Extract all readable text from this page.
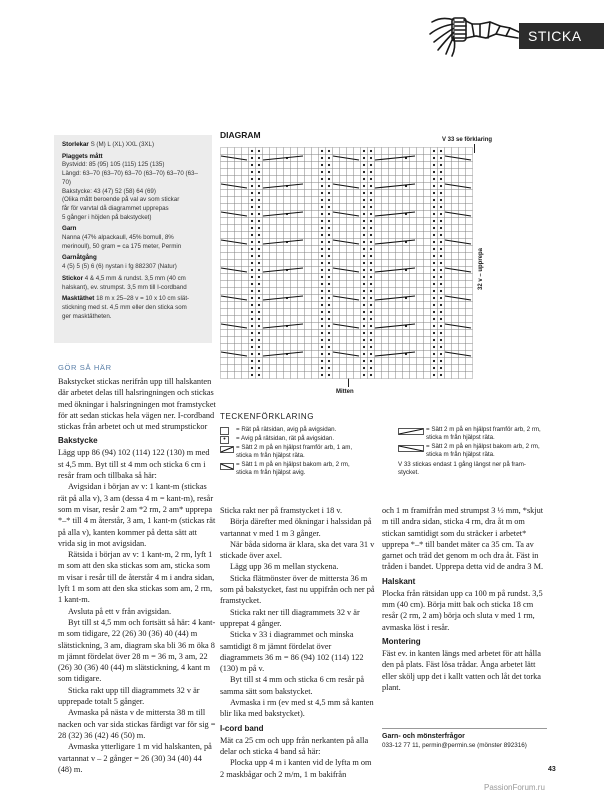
STICKA

Storlekar S (M) L (XL) XXL (3XL)

Plaggets mått

Bystvidd: 85 (95) 105 (115) 125 (135)

Längd: 63–70 (63–70) 63–70 (63–70) 63–70 (63–70)

Bakstycke: 43 (47) 52 (58) 64 (69)

(Olika mått beroende på val av som stickar

får för varvtal då diagrammet upprepas

5 gånger i höjden på bakstycket)

Garn

Nanna (47% alpackaull, 45% bomull, 8%

merinoull), 50 gram = ca 175 meter, Permin

Garnåtgång

4 (5) 5 (5) 6 (6) nystan i fg 882307 (Natur)

Stickor 4 & 4,5 mm & rundst. 3,5 mm (40 cm

halskant), ev. strumpst. 3,5 mm till I-cordband

Masktäthet 18 m x 25–28 v = 10 x 10 cm slät-

stickning med st. 4,5 mm eller den sticka som

ger masktätheten.

GÖR SÅ HÄR

Bakstycket stickas nerifrån upp till halskanten där arbetet delas till halsringningen och stickas med ökningar i halsringningen mot framstycket för att sedan stickas hela vägen ner. I-cordband stickas från arbetet och ut med strumpstickor

Bakstycke

Lägg upp 86 (94) 102 (114) 122 (130) m med st 4,5 mm. Byt till st 4 mm och sticka 6 cm i resår fram och tillbaka så här:

Avigsidan i början av v: 1 kant-m (stickas rät på alla v), 3 am (dessa 4 m = kant-m), resår som m visar, resår 2 am *2 rm, 2 am* upprepa *–* till 4 m återstår, 3 am, 1 kant-m (stickas rät på alla v), kanten kommer på detta sätt att vrida sig in mot avigsidan.

Rätsida i början av v: 1 kant-m, 2 rm, lyft 1 m som att den ska stickas som am, sticka som m visar i resår till de återstår 4 m i andra sidan, lyft 1 m som att den ska stickas som am, 2 rm, 1 kant-m.

Avsluta på ett v från avigsidan.

Byt till st 4,5 mm och fortsätt så här: 4 kant-m som tidigare, 22 (26) 30 (36) 40 (44) m slätstickning, 3 am, diagram ska bli 36 m öka 8 m jämnt fördelat över 28 m = 36 m, 3 am, 22 (26) 30 (36) 40 (44) m slätstickning, 4 kant m som tidigare.

Sticka rakt upp till diagrammets 32 v är upprepade totalt 5 gånger.

Avmaska på nästa v de mittersta 38 m till nacken och var sida stickas färdigt var för sig = 28 (32) 36 (42) 46 (50) m.

Avmaska ytterligare 1 m vid halskanten, på vartannat v – 2 gånger = 26 (30) 34 (40) 44 (48) m.

DIAGRAM	V 33 se förklaring
32 v – upprepa
Mitten
TECKENFÖRKLARING
= Rät på rätsidan, avig på avigsidan.
•	= Avig på rätsidan, rät på avigsidan.
= Sätt 2 m på en hjälpst framför arb, 1 am,
sticka m från hjälpst räta.
= Sätt 1 m på en hjälpst bakom arb, 2 rm,
sticka m från hjälpst avig.
= Sätt 2 m på en hjälpst framför arb, 2 rm,
sticka m från hjälpst räta.
= Sätt 2 m på en hjälpst bakom arb, 2 rm,
sticka m från hjälpst räta.
V 33 stickas endast 1 gång längst ner på fram-
stycket.

Sticka rakt ner på framstycket i 18 v.

Börja därefter med ökningar i halssidan på vartannat v med 1 m 3 gånger.

När båda sidorna är klara, ska det vara 31 v stickade över axel.

Lägg upp 36 m mellan styckena.

Sticka flätmönster över de mittersta 36 m som på bakstycket, fast nu uppifrån och ner på framstycket.

Sticka rakt ner till diagrammets 32 v är upprepat 4 gånger.

Sticka v 33 i diagrammet och minska samtidigt 8 m jämnt fördelat över diagrammets 36 m = 86 (94) 102 (114) 122 (130) m på v.

Byt till st 4 mm och sticka 6 cm resår på samma sätt som bakstycket.

Avmaska i rm (ev med st 4,5 mm så kanten blir lika med bakstycket).

I-cord band

Mät ca 25 cm och upp från nerkanten på alla delar och sticka 4 band så här:

Plocka upp 4 m i kanten vid de lyfta m om 2 maskbågar och 2 m/m, 1 m bakifrån

och 1 m framifrån med strumpst 3 ½ mm, *skjut m till andra sidan, sticka 4 rm, dra åt m om stickan samtidigt som du sträcker i arbetet* upprepa *–* till bandet mäter ca 35 cm. Ta av garnet och träd det genom m och dra åt. Fäst in tråden i bandet. Upprepa detta vid de andra 3 M.

Halskant

Plocka från rätsidan upp ca 100 m på rundst. 3,5 mm (40 cm). Börja mitt bak och sticka 18 cm resår (2 rm, 2 am) börja och sluta v med 1 rm, avmaska löst i resår.

Montering

Fäst ev. in kanten längs med arbetet för att hålla den på plats. Fäst lösa trådar. Ånga arbetet lätt eller skölj upp det i kallt vatten och låt det torka plant.

Garn- och mönsterfrågor
033-12 77 11, permin@permin.se (mönster 892316)
43
PassionForum.ru
